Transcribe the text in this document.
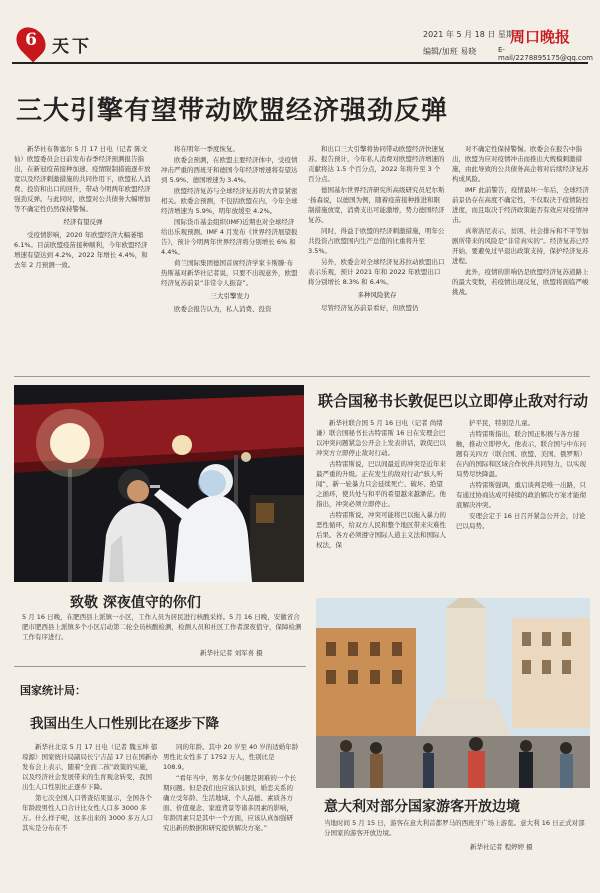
6 天下
2021 年 5 月 18 日 星期二
周口晚报
编辑/加班 易晓	E-mail/2278895175@qq.com
三大引擎有望带动欧盟经济强劲反弹

新华社布鲁塞尔 5 月 17 日电（记者 陈文仙）欧盟委员会日前发布春季经济预测报告指出，在新冠疫苗接种加速、疫情限制措施逐步放宽以及经济刺激措施的共同作用下，欧盟私人消费、投资和出口的回升，带动今明两年欧盟经济强劲反弹。与此同时，欧盟对公共债务大幅增加等不确定性仍然保持警惕。

经济有望反弹

受疫情影响，2020 年欧盟经济大幅萎缩 6.1%。目前欧盟疫苗接种顺利，今年欧盟经济增速有望达到 4.2%，2022 年增长 4.4%，和去年 2 月预测一致。

将在明年一季度恢复。

欧委会预测，在欧盟主要经济体中，受疫情冲击严重的西班牙和德国今年经济增速将有望达到 5.9%、德国增速为 3.4%。

欧盟经济复苏与全球经济复苏的大背景紧密相关。欧委会预测，不包括欧盟在内，今年全球经济增速为 5.9%，明年放缓至 4.2%。

国际货币基金组织(IMF)近期也对全球经济给出乐观预测。IMF 4 月发布《世界经济展望报告》，预计今明两年世界经济将分别增长 6% 和 4.4%。

荷兰国际集团德国首席经济学家卡斯滕·布热斯基对新华社记者说，只要不出现意外，欧盟经济复苏前景“非常令人振奋”。

三大引擎发力

欧委会报告认为，私人消费、投资

和出口三大引擎将协同带动欧盟经济快速复苏。报告预计，今年私人消费对欧盟经济增速的贡献将达 1.5 个百分点，2022 年将升至 3 个百分点。

德国基尔世界经济研究所高级研究员尼尔斯·扬森说，以德国为例，随着疫苗接种推进和限制措施放宽，消费支出可能激增，势力德国经济复苏。

同时，得益于欧盟的经济刺激措施，明年公共投资占欧盟国内生产总值的比重将升至 3.5%。

另外，欧委会对全球经济复苏拉动欧盟出口表示乐观，预计 2021 年和 2022 年欧盟出口将分别增长 8.3% 和 6.4%。

多种风险犹存

尽管经济复苏前景看好，但欧盟仍

对不确定性保持警惕。欧委会在报告中指出，欧盟为应对疫情冲击而推出大规模刺激措施，由此导致的公共债务高企将对后续经济复苏构成风险。

IMF 此前警告，疫情最坏一年后，全球经济前景仍存在高度不确定性，不仅取决于疫情防控进度，而且取决于经济政策能否有效应对疫情冲击。

真蒂洛尼表示，贫困、社会排斥和不平等加剧所带来的风险是“非常真实的”。经济复苏已经开始，要避免过早退出政策支持，保护经济复苏进程。

此外，疫情的影响仍是欧盟经济复苏道路上的最大变数，若疫情出现反复，欧盟将面临严峻挑战。

致敬 深夜值守的你们
5 月 16 日晚，在肥西县上派镇一小区，工作人员为居民进行核酸采样。5 月 16 日晚，安徽省合肥市肥西县上派镇多个小区启动第二轮全员核酸检测，检测人员和社区工作者深夜值守，保障检测工作有序进行。
新华社记者 刘军喜 摄
联合国秘书长敦促巴以立即停止敌对行动

新华社联合国 5 月 16 日电（记者 尚绪谦）联合国秘书长古特雷斯 16 日在安理会巴以冲突问题紧急公开会上发表讲话，敦促巴以冲突方立即停止敌对行动。

古特雷斯说，巴以间最近的冲突是近年来最严重的升级。正在发生的敌对行动“骇人听闻”，新一轮暴力只会延续死亡、破坏、绝望之循环，使共处与和平的希望越来越渺茫。他指出，冲突必须立即停止。

古特雷斯说，冲突可能将巴以拖入暴力的恶性循环，给双方人民和整个地区带来灾难性后果。各方必须遵守国际人道主义法和国际人权法，保

护平民，特别是儿童。

古特雷斯指出，联合国正积极与各方接触，推动立即停火。他表示，联合国与中东问题有关四方（联合国、欧盟、美国、俄罗斯）在内的国际和区域合作伙伴共同努力，以实现局势尽快降温。

古特雷斯强调，重启谈判是唯一出路，只有通过协商达成可持续的政治解决方案才能彻底解决冲突。

安理会定于 16 日召开紧急公开会，讨论巴以局势。

国家统计局：
我国出生人口性别比在逐步下降

新华社北京 5 月 17 日电（记者 魏玉坤 郁琼源）国家统计局副局长宁吉喆 17 日在国新办发布会上表示，随着“全面二孩”政策的实施，以及经济社会发展带来的生育观念转变，我国出生人口性别比正逐步下降。

第七次全国人口普查结果显示，全国各个年龄段男性人口合计比女性人口多 3000 多万。什么样子呢，这多出来的 3000 多万人口其实是分布在不

同的年龄。其中 20 岁至 40 岁的适婚年龄男性比女性多了 1752 万人，性别比是 108.9。

“看年当中，男多女少问题是困难的一个长期问题。但是我们也应该认识到，婚恋关系的确立受年龄、生活地域、个人品德、素质各方面、价值观念、家庭背景等诸多因素的影响，年龄因素只是其中一个方面，应该认真加强研究出新的数据和研究提供解决方案。”

意大利对部分国家游客开放边境
当地时间 5 月 15 日，游客在意大利首都罗马的西班牙广场上游览。意大利 16 日正式对部分国家的游客开放边境。
新华社记者 程婷婷 摄
